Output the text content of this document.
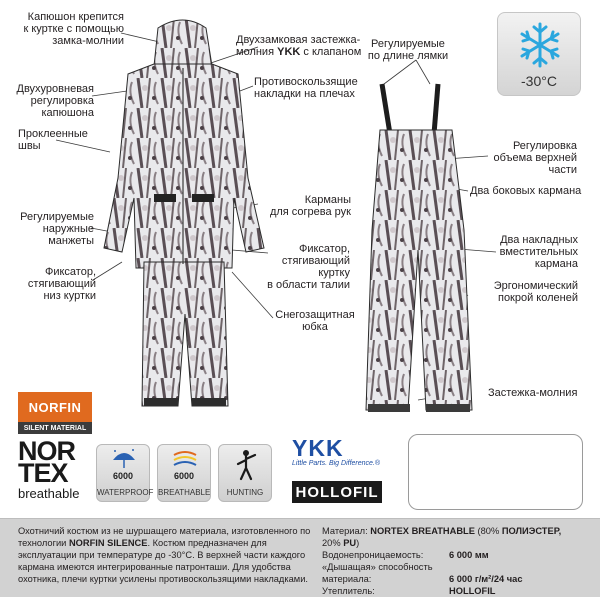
Капюшон крепится
к куртке с помощью
замка-молнии
Двухуровневая
регулировка
капюшона
Проклеенные
швы
Регулируемые
наружные
манжеты
Фиксатор,
стягивающий
низ куртки
Двухзамковая застежка-
молния YKK с клапаном
Противоскользящие
накладки на плечах
Карманы
для согрева рук
Фиксатор,
стягивающий
куртку
в области талии
Снегозащитная
юбка
Регулируемые
по длине лямки
Регулировка
объема верхней
части
Два боковых кармана
Два накладных
вместительных
кармана
Эргономический
покрой коленей
Застежка-молния
-30°C
NORFIN
SILENT MATERIAL
NOR
TEX
breathable
6000
WATERPROOF
6000
BREATHABLE	HUNTING
YKK
Little Parts. Big Difference.®
HOLLOFIL
Охотничий костюм из не шуршащего материала, изготовленного по технологии NORFIN SILENCE. Костюм предназначен для эксплуатации при температуре до -30°C. В верхней части каждого кармана имеются интегрированные патронташи. Для удобства охотника, плечи куртки усилены противоскользящими накладками.
Материал: NORTEX BREATHABLE (80% ПОЛИЭСТЕР,
20% PU)
Водонепроницаемость:	6 000 мм
«Дышащая» способность
материала:	6 000 г/м²/24 час
Утеплитель:	HOLLOFIL
